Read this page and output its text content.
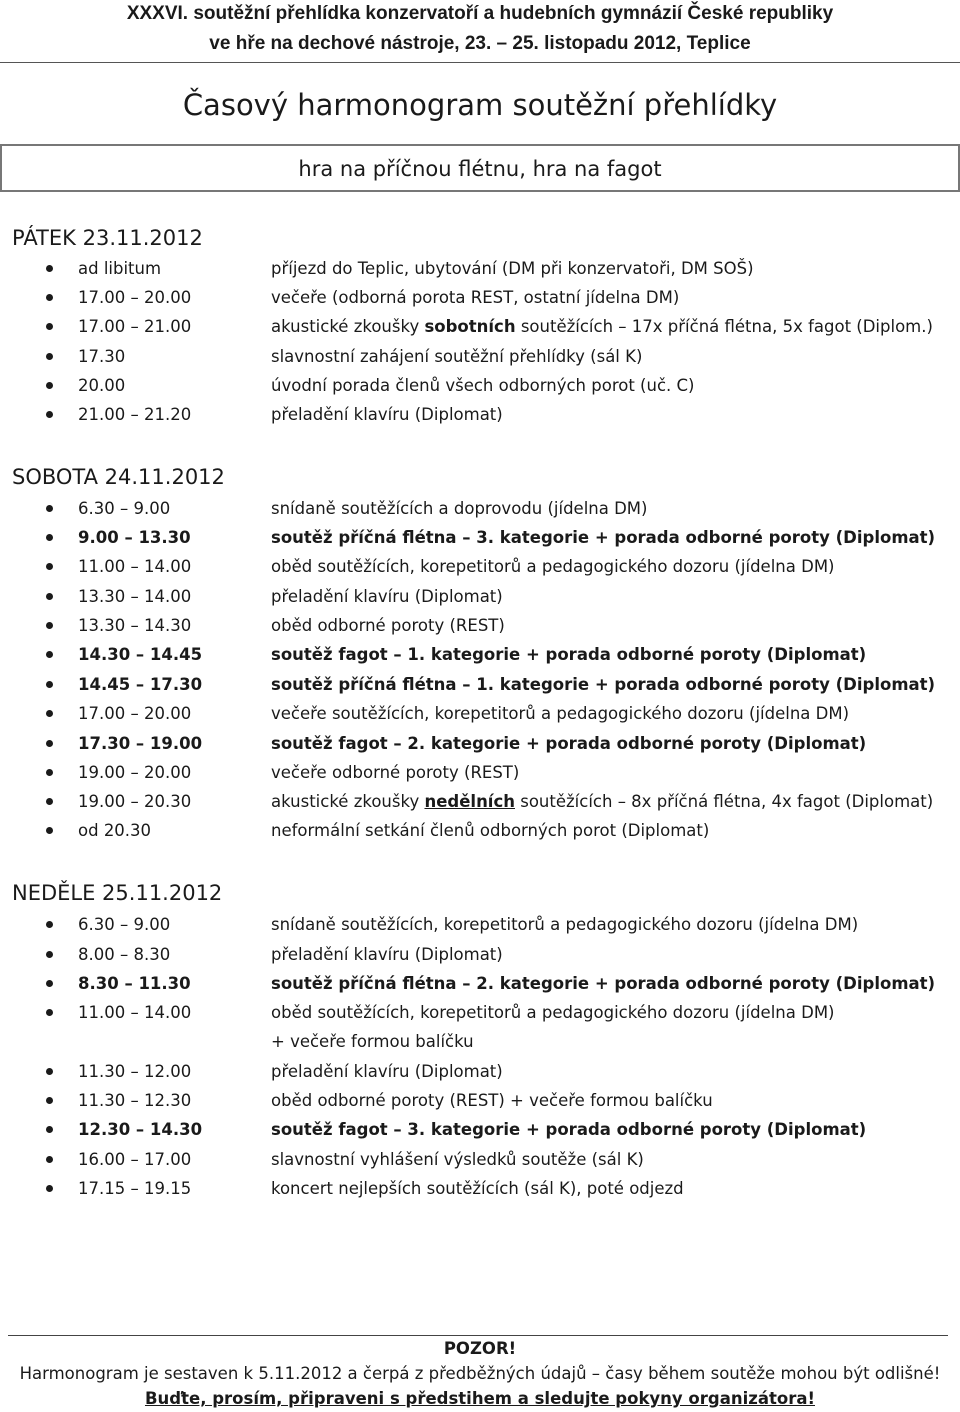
XXXVI. soutěžní přehlídka konzervatoří a hudebních gymnázií České republiky
ve hře na dechové nástroje, 23. – 25. listopadu 2012, Teplice
Časový harmonogram soutěžní přehlídky
hra na příčnou flétnu, hra na fagot
PÁTEK 23.11.2012
ad libitum	příjezd do Teplic, ubytování (DM při konzervatoři, DM SOŠ)
17.00 – 20.00	večeře (odborná porota REST, ostatní jídelna DM)
17.00 – 21.00	akustické zkoušky sobotních soutěžících – 17x příčná flétna, 5x fagot (Diplom.)
17.30	slavnostní zahájení soutěžní přehlídky (sál K)
20.00	úvodní porada členů všech odborných porot (uč. C)
21.00 – 21.20	přeladění klavíru (Diplomat)
SOBOTA 24.11.2012
6.30 – 9.00	snídaně soutěžících a doprovodu (jídelna DM)
9.00 – 13.30	soutěž příčná flétna – 3. kategorie + porada odborné poroty (Diplomat)
11.00 – 14.00	oběd soutěžících, korepetitorů a pedagogického dozoru (jídelna DM)
13.30 – 14.00	přeladění klavíru (Diplomat)
13.30 – 14.30	oběd odborné poroty (REST)
14.30 – 14.45	soutěž fagot – 1. kategorie + porada odborné poroty (Diplomat)
14.45 – 17.30	soutěž příčná flétna – 1. kategorie + porada odborné poroty (Diplomat)
17.00 – 20.00	večeře soutěžících, korepetitorů a pedagogického dozoru (jídelna DM)
17.30 – 19.00	soutěž fagot – 2. kategorie + porada odborné poroty (Diplomat)
19.00 – 20.00	večeře odborné poroty (REST)
19.00 – 20.30	akustické zkoušky nedělních soutěžících – 8x příčná flétna, 4x fagot (Diplomat)
od 20.30	neformální setkání členů odborných porot (Diplomat)
NEDĚLE 25.11.2012
6.30 – 9.00	snídaně soutěžících, korepetitorů a pedagogického dozoru (jídelna DM)
8.00 – 8.30	přeladění klavíru (Diplomat)
8.30 – 11.30	soutěž příčná flétna – 2. kategorie + porada odborné poroty (Diplomat)
11.00 – 14.00	oběd soutěžících, korepetitorů a pedagogického dozoru (jídelna DM)
+ večeře formou balíčku
11.30 – 12.00	přeladění klavíru (Diplomat)
11.30 – 12.30	oběd odborné poroty (REST) + večeře formou balíčku
12.30 – 14.30	soutěž fagot – 3. kategorie + porada odborné poroty (Diplomat)
16.00 – 17.00	slavnostní vyhlášení výsledků soutěže (sál K)
17.15 – 19.15	koncert nejlepších soutěžících (sál K), poté odjezd
POZOR!
Harmonogram je sestaven k 5.11.2012 a čerpá z předběžných údajů – časy během soutěže mohou být odlišné!
Buďte, prosím, připraveni s předstihem a sledujte pokyny organizátora!
